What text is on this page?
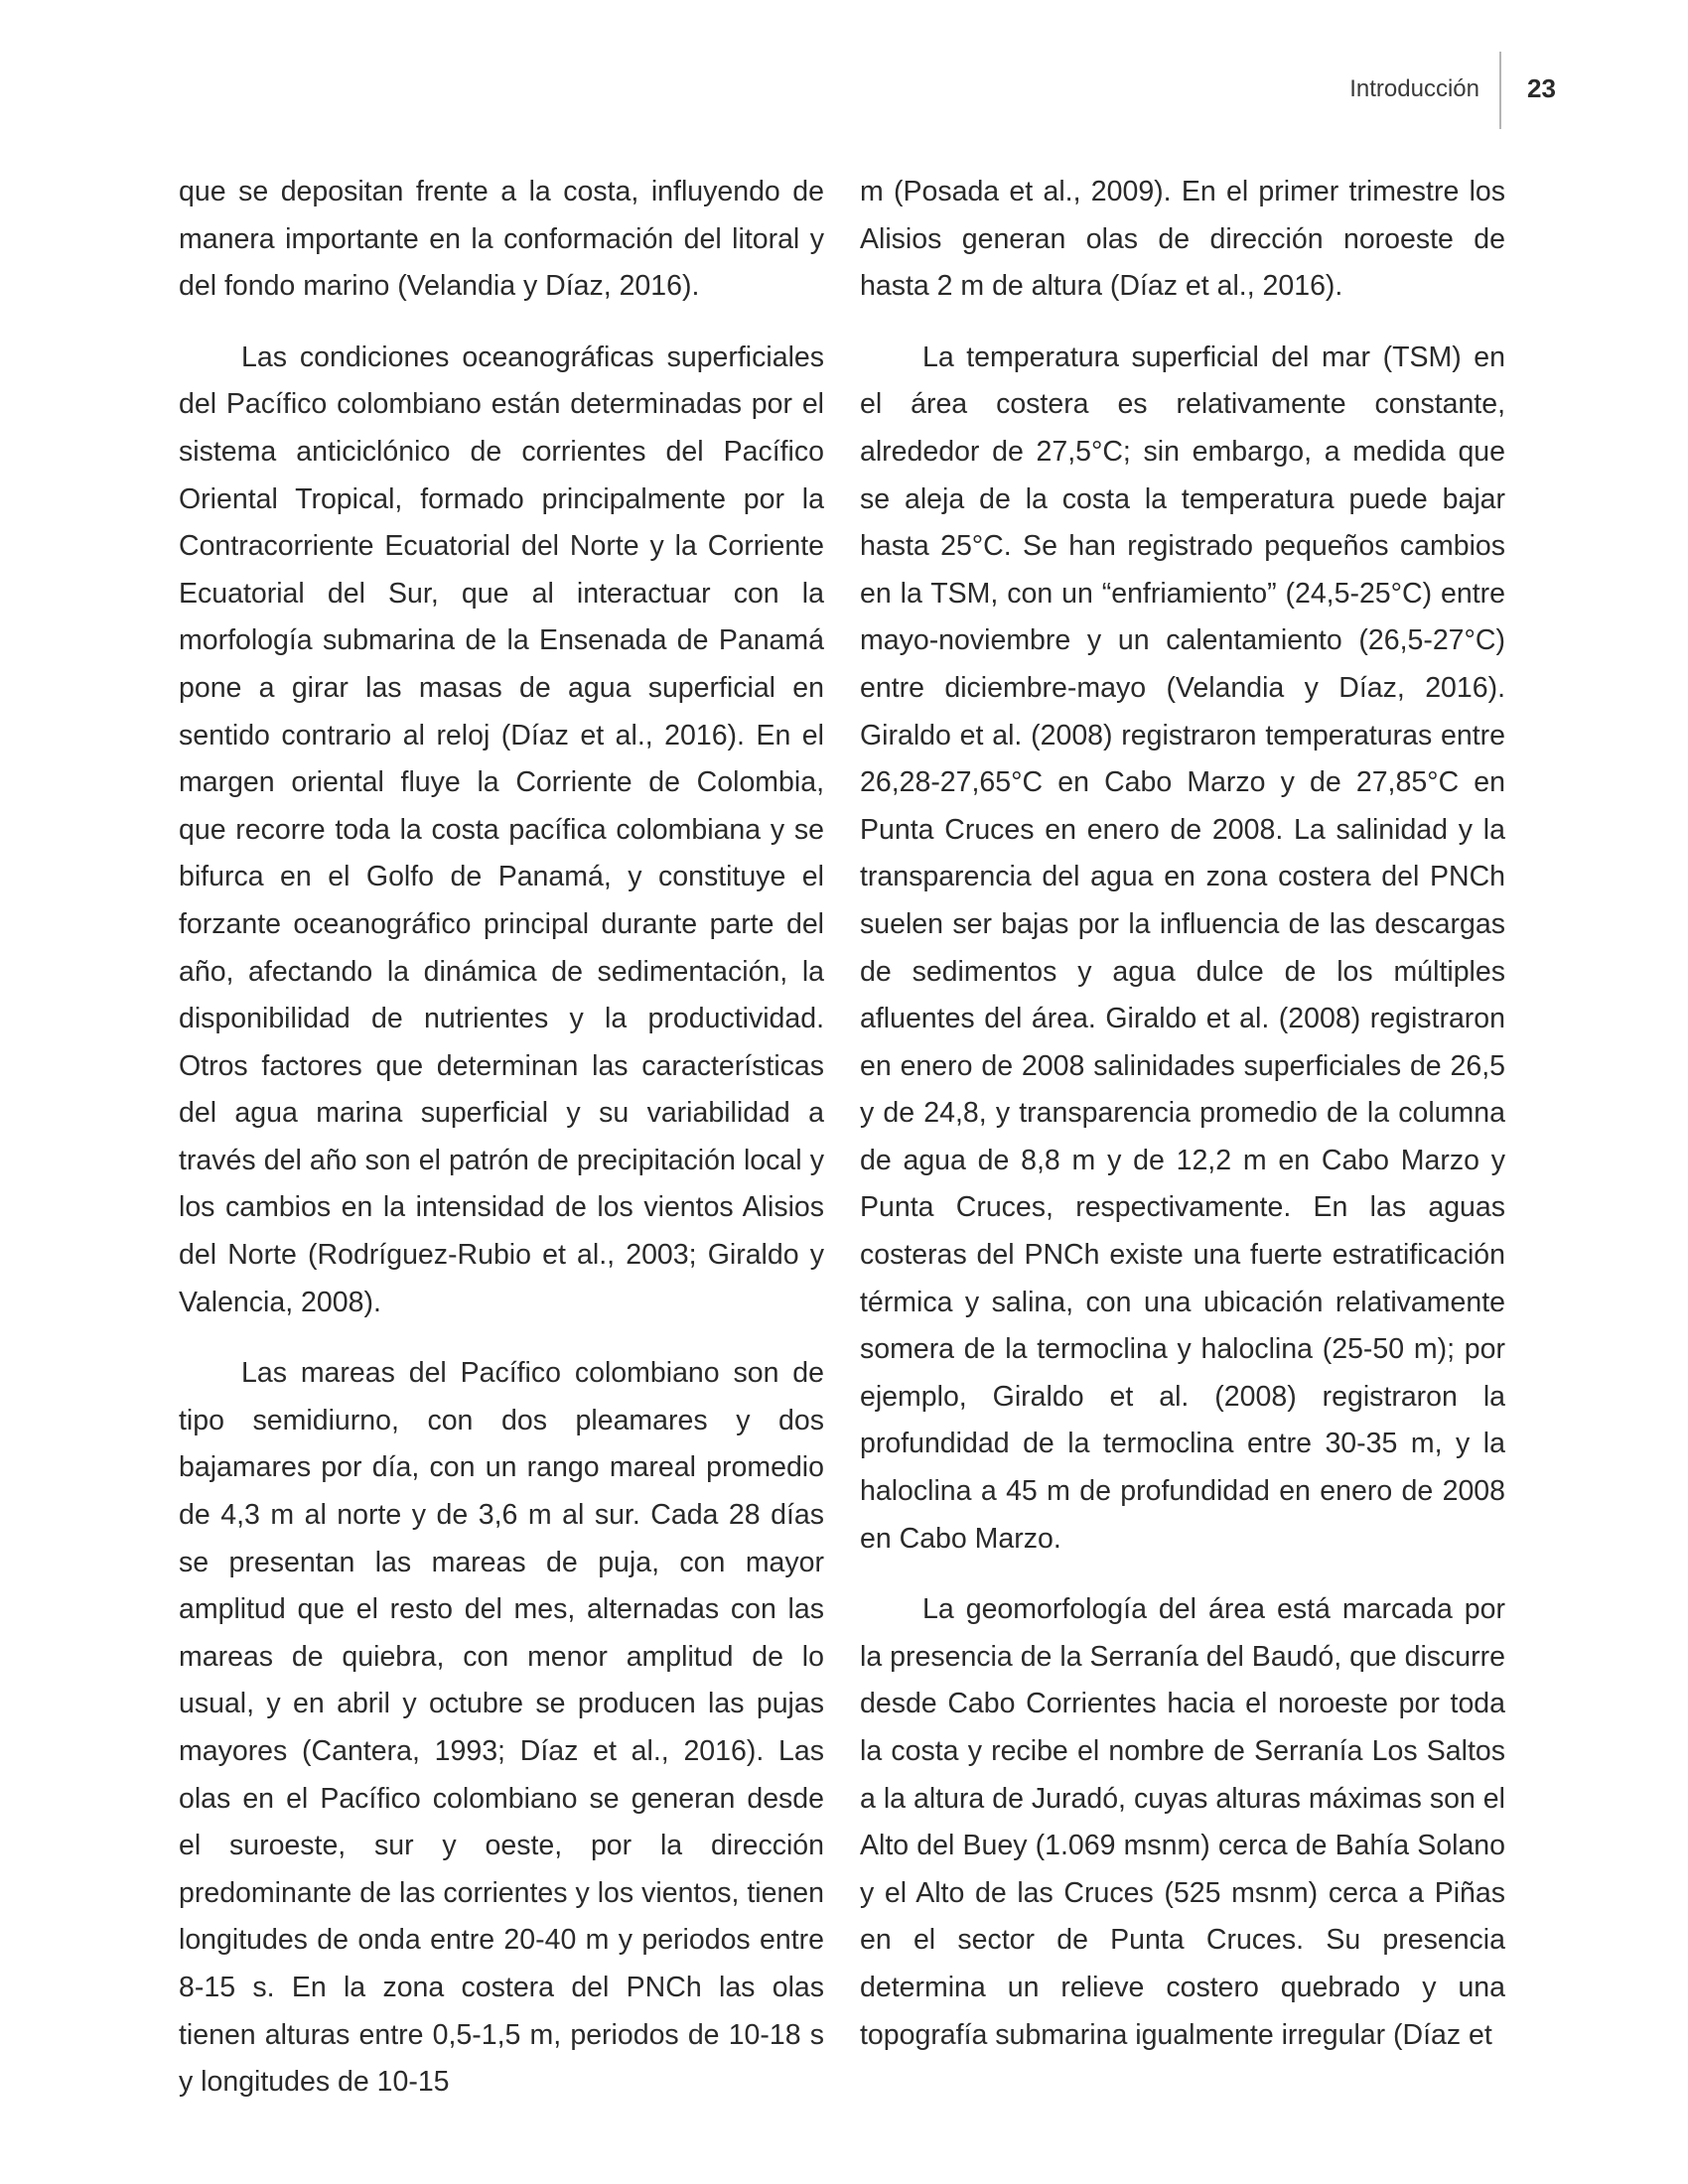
Introducción 23

que se depositan frente a la costa, influyendo de manera importante en la conformación del litoral y del fondo marino (Velandia y Díaz, 2016).

Las condiciones oceanográficas superficiales del Pacífico colombiano están determinadas por el sistema anticiclónico de corrientes del Pacífico Oriental Tropical, formado principalmente por la Contracorriente Ecuatorial del Norte y la Corriente Ecuatorial del Sur, que al interactuar con la morfología submarina de la Ensenada de Panamá pone a girar las masas de agua superficial en sentido contrario al reloj (Díaz et al., 2016). En el margen oriental fluye la Corriente de Colombia, que recorre toda la costa pacífica colombiana y se bifurca en el Golfo de Panamá, y constituye el forzante oceanográfico principal durante parte del año, afectando la dinámica de sedimentación, la disponibilidad de nutrientes y la productividad. Otros factores que determinan las características del agua marina superficial y su variabilidad a través del año son el patrón de precipitación local y los cambios en la intensidad de los vientos Alisios del Norte (Rodríguez-Rubio et al., 2003; Giraldo y Valencia, 2008).

Las mareas del Pacífico colombiano son de tipo semidiurno, con dos pleamares y dos bajamares por día, con un rango mareal promedio de 4,3 m al norte y de 3,6 m al sur. Cada 28 días se presentan las mareas de puja, con mayor amplitud que el resto del mes, alternadas con las mareas de quiebra, con menor amplitud de lo usual, y en abril y octubre se producen las pujas mayores (Cantera, 1993; Díaz et al., 2016). Las olas en el Pacífico colombiano se generan desde el suroeste, sur y oeste, por la dirección predominante de las corrientes y los vientos, tienen longitudes de onda entre 20-40 m y periodos entre 8-15 s. En la zona costera del PNCh las olas tienen alturas entre 0,5-1,5 m, periodos de 10-18 s y longitudes de 10-15

m (Posada et al., 2009). En el primer trimestre los Alisios generan olas de dirección noroeste de hasta 2 m de altura (Díaz et al., 2016).

La temperatura superficial del mar (TSM) en el área costera es relativamente constante, alrededor de 27,5°C; sin embargo, a medida que se aleja de la costa la temperatura puede bajar hasta 25°C. Se han registrado pequeños cambios en la TSM, con un “enfriamiento” (24,5-25°C) entre mayo-noviembre y un calentamiento (26,5-27°C) entre diciembre-mayo (Velandia y Díaz, 2016). Giraldo et al. (2008) registraron temperaturas entre 26,28-27,65°C en Cabo Marzo y de 27,85°C en Punta Cruces en enero de 2008. La salinidad y la transparencia del agua en zona costera del PNCh suelen ser bajas por la influencia de las descargas de sedimentos y agua dulce de los múltiples afluentes del área. Giraldo et al. (2008) registraron en enero de 2008 salinidades superficiales de 26,5 y de 24,8, y transparencia promedio de la columna de agua de 8,8 m y de 12,2 m en Cabo Marzo y Punta Cruces, respectivamente. En las aguas costeras del PNCh existe una fuerte estratificación térmica y salina, con una ubicación relativamente somera de la termoclina y haloclina (25-50 m); por ejemplo, Giraldo et al. (2008) registraron la profundidad de la termoclina entre 30-35 m, y la haloclina a 45 m de profundidad en enero de 2008 en Cabo Marzo.

La geomorfología del área está marcada por la presencia de la Serranía del Baudó, que discurre desde Cabo Corrientes hacia el noroeste por toda la costa y recibe el nombre de Serranía Los Saltos a la altura de Juradó, cuyas alturas máximas son el Alto del Buey (1.069 msnm) cerca de Bahía Solano y el Alto de las Cruces (525 msnm) cerca a Piñas en el sector de Punta Cruces. Su presencia determina un relieve costero quebrado y una topografía submarina igualmente irregular (Díaz et
